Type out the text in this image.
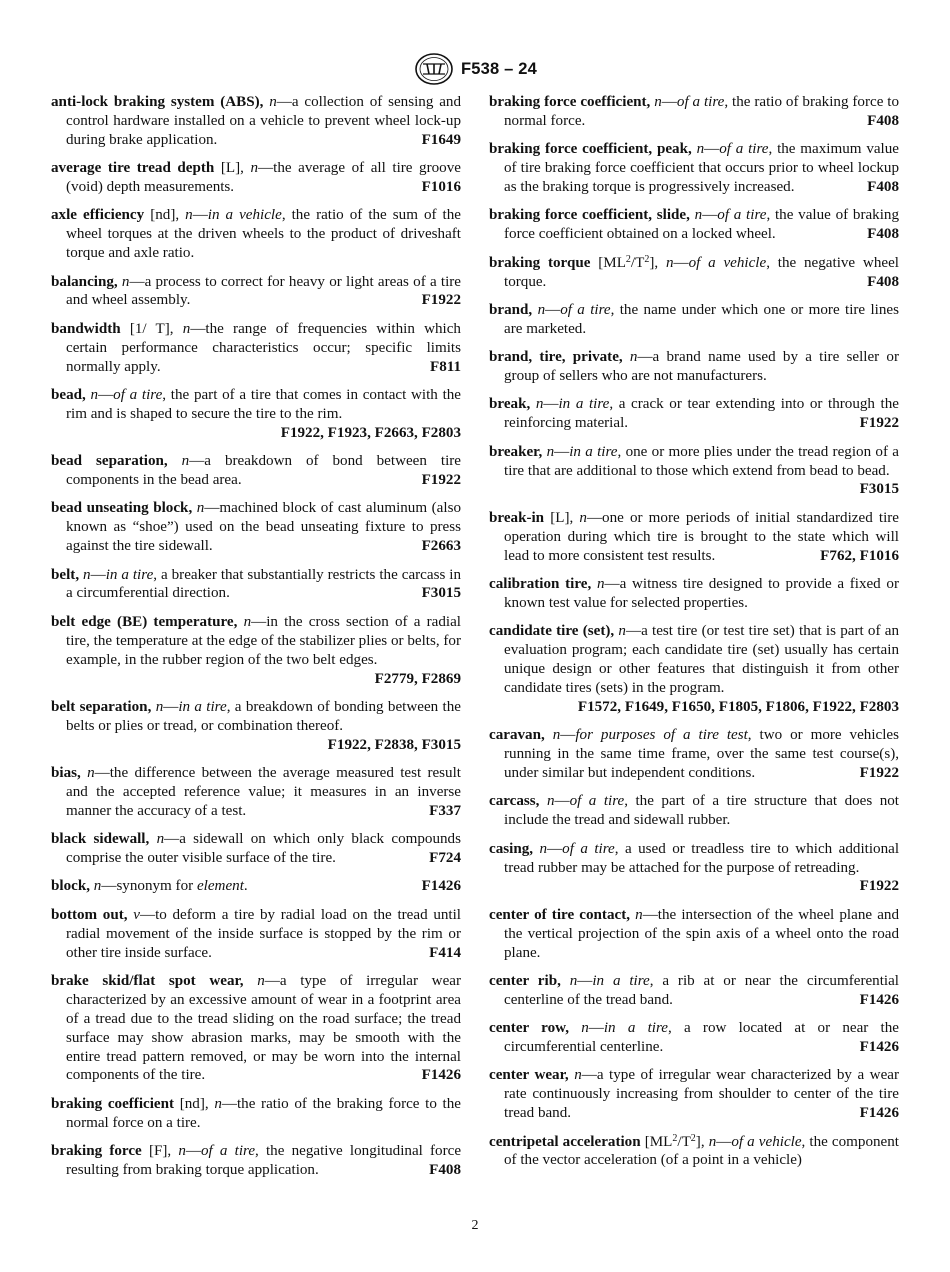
F538 – 24

anti-lock braking system (ABS), n—a collection of sensing and control hardware installed on a vehicle to prevent wheel lock-up during brake application.	F1649

average tire tread depth [L], n—the average of all tire groove (void) depth measurements.	F1016

axle efficiency [nd], n—in a vehicle, the ratio of the sum of the wheel torques at the driven wheels to the product of driveshaft torque and axle ratio.

balancing, n—a process to correct for heavy or light areas of a tire and wheel assembly.	F1922

bandwidth [1/ T], n—the range of frequencies within which certain performance characteristics occur; specific limits normally apply.	F811

bead, n—of a tire, the part of a tire that comes in contact with the rim and is shaped to secure the tire to the rim.
F1922, F1923, F2663, F2803

bead separation, n—a breakdown of bond between tire components in the bead area.	F1922

bead unseating block, n—machined block of cast aluminum (also known as “shoe”) used on the bead unseating fixture to press against the tire sidewall.	F2663

belt, n—in a tire, a breaker that substantially restricts the carcass in a circumferential direction.	F3015

belt edge (BE) temperature, n—in the cross section of a radial tire, the temperature at the edge of the stabilizer plies or belts, for example, in the rubber region of the two belt edges.
F2779, F2869

belt separation, n—in a tire, a breakdown of bonding between the belts or plies or tread, or combination thereof.
F1922, F2838, F3015

bias, n—the difference between the average measured test result and the accepted reference value; it measures in an inverse manner the accuracy of a test.	F337

black sidewall, n—a sidewall on which only black compounds comprise the outer visible surface of the tire.	F724

block, n—synonym for element.	F1426

bottom out, v—to deform a tire by radial load on the tread until radial movement of the inside surface is stopped by the rim or other tire inside surface.	F414

brake skid/flat spot wear, n—a type of irregular wear characterized by an excessive amount of wear in a footprint area of a tread due to the tread sliding on the road surface; the tread surface may show abrasion marks, may be smooth with the entire tread pattern removed, or may be worn into the internal components of the tire.	F1426

braking coefficient [nd], n—the ratio of the braking force to the normal force on a tire.

braking force [F], n—of a tire, the negative longitudinal force resulting from braking torque application.	F408

braking force coefficient, n—of a tire, the ratio of braking force to normal force.	F408

braking force coefficient, peak, n—of a tire, the maximum value of tire braking force coefficient that occurs prior to wheel lockup as the braking torque is progressively increased.	F408

braking force coefficient, slide, n—of a tire, the value of braking force coefficient obtained on a locked wheel.	F408

braking torque $[ML^2/T^2]$, n—of a vehicle, the negative wheel torque.	F408

brand, n—of a tire, the name under which one or more tire lines are marketed.

brand, tire, private, n—a brand name used by a tire seller or group of sellers who are not manufacturers.

break, n—in a tire, a crack or tear extending into or through the reinforcing material.	F1922

breaker, n—in a tire, one or more plies under the tread region of a tire that are additional to those which extend from bead to bead.
F3015

break-in [L], n—one or more periods of initial standardized tire operation during which tire is brought to the state which will lead to more consistent test results.	F762, F1016

calibration tire, n—a witness tire designed to provide a fixed or known test value for selected properties.

candidate tire (set), n—a test tire (or test tire set) that is part of an evaluation program; each candidate tire (set) usually has certain unique design or other features that distinguish it from other candidate tires (sets) in the program.
F1572, F1649, F1650, F1805, F1806, F1922, F2803

caravan, n—for purposes of a tire test, two or more vehicles running in the same time frame, over the same test course(s), under similar but independent conditions.	F1922

carcass, n—of a tire, the part of a tire structure that does not include the tread and sidewall rubber.

casing, n—of a tire, a used or treadless tire to which additional tread rubber may be attached for the purpose of retreading.
F1922

center of tire contact, n—the intersection of the wheel plane and the vertical projection of the spin axis of a wheel onto the road plane.

center rib, n—in a tire, a rib at or near the circumferential centerline of the tread band.	F1426

center row, n—in a tire, a row located at or near the circumferential centerline.	F1426

center wear, n—a type of irregular wear characterized by a wear rate continuously increasing from shoulder to center of the tire tread band.	F1426

centripetal acceleration $[ML^2/T^2]$, n—of a vehicle, the component of the vector acceleration (of a point in a vehicle)

2
